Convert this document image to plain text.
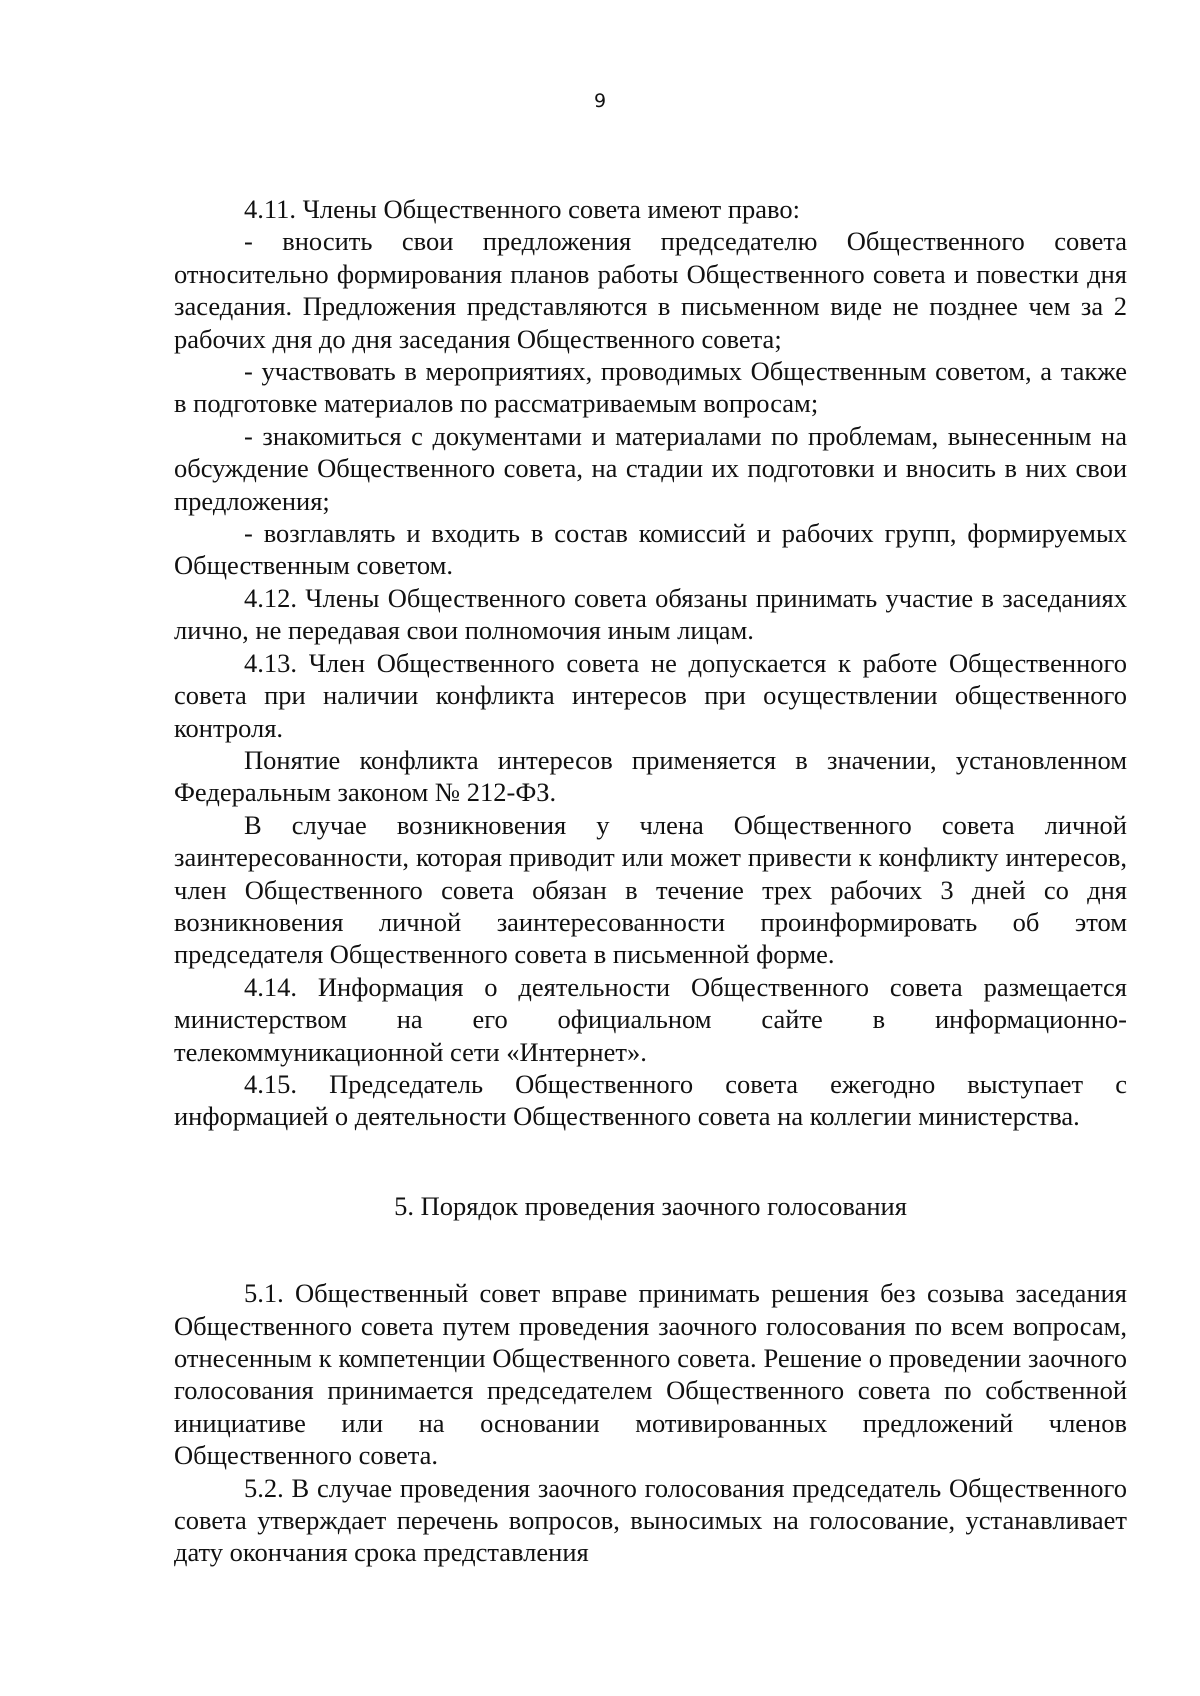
9

4.11. Члены Общественного совета имеют право:

- вносить свои предложения председателю Общественного совета относительно формирования планов работы Общественного совета и повестки дня заседания. Предложения представляются в письменном виде не позднее чем за 2 рабочих дня до дня заседания Общественного совета;

- участвовать в мероприятиях, проводимых Общественным советом, а также в подготовке материалов по рассматриваемым вопросам;

- знакомиться с документами и материалами по проблемам, вынесенным на обсуждение Общественного совета, на стадии их подготовки и вносить в них свои предложения;

- возглавлять и входить в состав комиссий и рабочих групп, формируемых Общественным советом.

4.12. Члены Общественного совета обязаны принимать участие в заседаниях лично, не передавая свои полномочия иным лицам.

4.13. Член Общественного совета не допускается к работе Общественного совета при наличии конфликта интересов при осуществлении общественного контроля.

Понятие конфликта интересов применяется в значении, установленном Федеральным законом № 212-ФЗ.

В случае возникновения у члена Общественного совета личной заинтересованности, которая приводит или может привести к конфликту интересов, член Общественного совета обязан в течение трех рабочих 3 дней со дня возникновения личной заинтересованности проинформировать об этом председателя Общественного совета в письменной форме.

4.14. Информация о деятельности Общественного совета размещается министерством на его официальном сайте в информационно-телекоммуникационной сети «Интернет».

4.15. Председатель Общественного совета ежегодно выступает с информацией о деятельности Общественного совета на коллегии министерства.

5. Порядок проведения заочного голосования

5.1. Общественный совет вправе принимать решения без созыва заседания Общественного совета путем проведения заочного голосования по всем вопросам, отнесенным к компетенции Общественного совета. Решение о проведении заочного голосования принимается председателем Общественного совета по собственной инициативе или на основании мотивированных предложений членов Общественного совета.

5.2. В случае проведения заочного голосования председатель Общественного совета утверждает перечень вопросов, выносимых на голосование, устанавливает дату окончания срока представления
